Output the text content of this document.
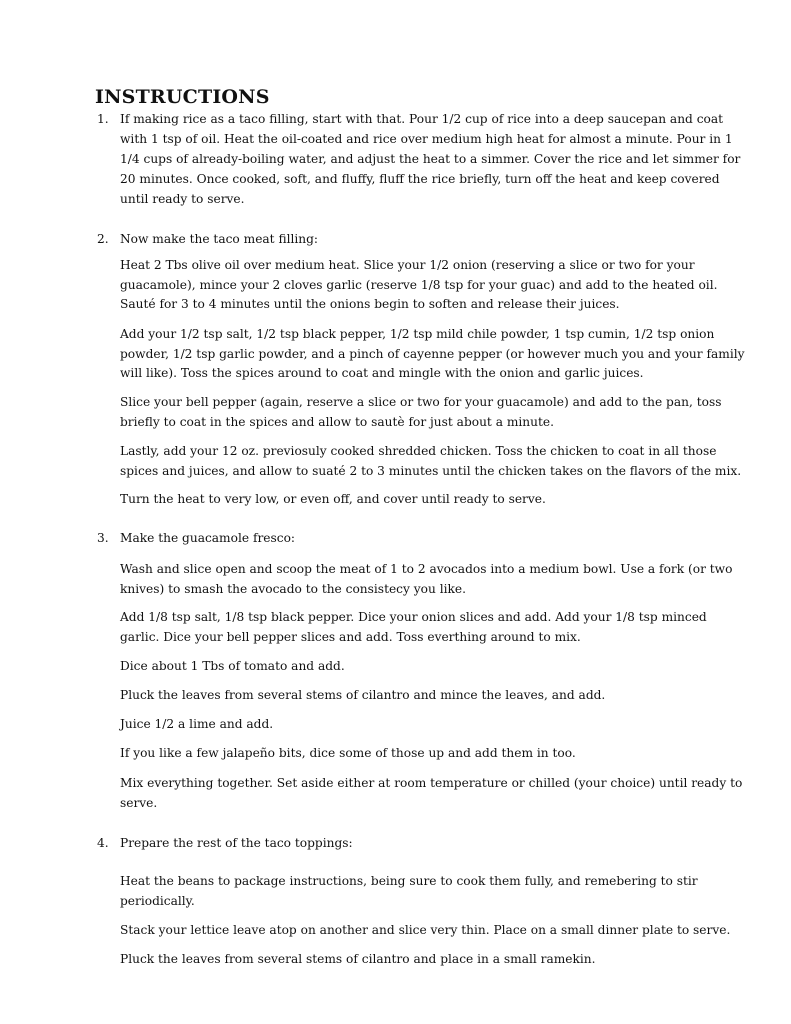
INSTRUCTIONS
1. If making rice as a taco filling, start with that. Pour 1/2 cup of rice into a deep saucepan and coat with 1 tsp of oil. Heat the oil-coated and rice over medium high heat for almost a minute. Pour in 1 1/4 cups of already-boiling water, and adjust the heat to a simmer. Cover the rice and let simmer for 20 minutes. Once cooked, soft, and fluffy, fluff the rice briefly, turn off the heat and keep covered until ready to serve.

2. Now make the taco meat filling:

Heat 2 Tbs olive oil over medium heat. Slice your 1/2 onion (reserving a slice or two for your guacamole), mince your 2 cloves garlic (reserve 1/8 tsp for your guac) and add to the heated oil. Sauté for 3 to 4 minutes until the onions begin to soften and release their juices.

Add your 1/2 tsp salt, 1/2 tsp black pepper, 1/2 tsp mild chile powder, 1 tsp cumin, 1/2 tsp onion powder, 1/2 tsp garlic powder, and a pinch of cayenne pepper (or however much you and your family will like). Toss the spices around to coat and mingle with the onion and garlic juices.

Slice your bell pepper (again, reserve a slice or two for your guacamole) and add to the pan, toss briefly to coat in the spices and allow to sautè for just about a minute.

Lastly, add your 12 oz. previosuly cooked shredded chicken. Toss the chicken to coat in all those spices and juices, and allow to suaté 2 to 3 minutes until the chicken takes on the flavors of the mix.

Turn the heat to very low, or even off, and cover until ready to serve.

3. Make the guacamole fresco:

Wash and slice open and scoop the meat of 1 to 2 avocados into a medium bowl. Use a fork (or two knives) to smash the avocado to the consistecy you like.

Add 1/8 tsp salt, 1/8 tsp black pepper. Dice your onion slices and add. Add your 1/8 tsp minced garlic. Dice your bell pepper slices and add. Toss everthing around to mix.

Dice about 1 Tbs of tomato and add.

Pluck the leaves from several stems of cilantro and mince the leaves, and add.

Juice 1/2 a lime and add.

If you like a few jalapeño bits, dice some of those up and add them in too.

Mix everything together. Set aside either at room temperature or chilled (your choice) until ready to serve.

4. Prepare the rest of the taco toppings:

Heat the beans to package instructions, being sure to cook them fully, and remebering to stir periodically.

Stack your lettice leave atop on another and slice very thin. Place on a small dinner plate to serve.

Pluck the leaves from several stems of cilantro and place in a small ramekin.
